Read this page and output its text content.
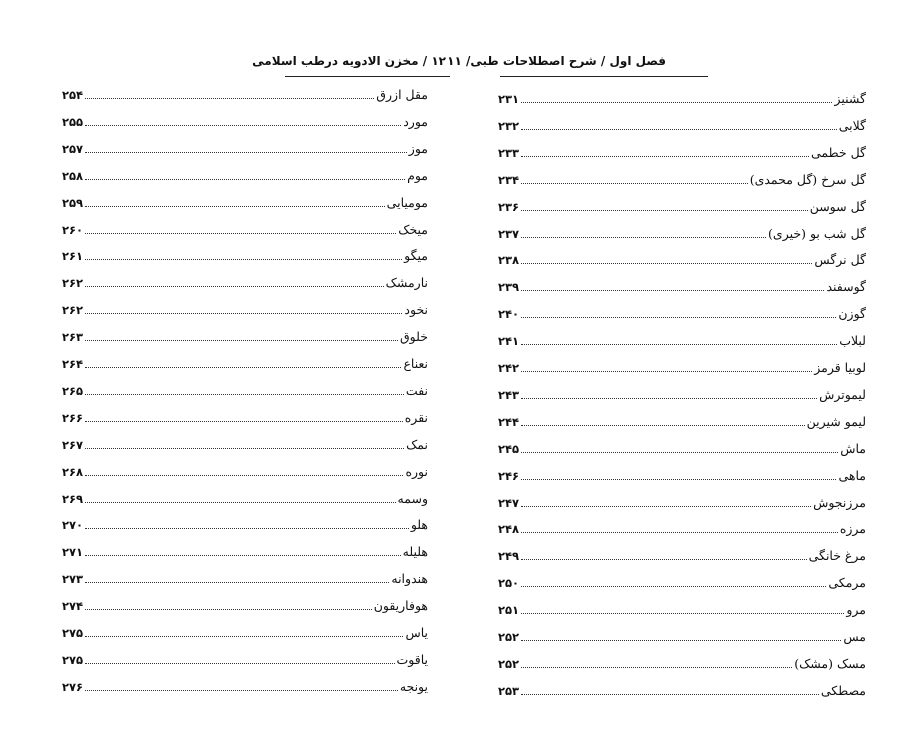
۱۲ / مخزن الادویه درطب اسلامی
مقل ازرق
۲۵۴
مورد
۲۵۵
موز
۲۵۷
موم
۲۵۸
مومیایی
۲۵۹
میخک
۲۶۰
میگو
۲۶۱
نارمشک
۲۶۲
نخود
۲۶۲
خلوق
۲۶۳
نعناع
۲۶۴
نفت
۲۶۵
نقره
۲۶۶
نمک
۲۶۷
نوره
۲۶۸
وسمه
۲۶۹
هلو
۲۷۰
هلیله
۲۷۱
هندوانه
۲۷۳
هوفاریقون
۲۷۴
یاس
۲۷۵
یاقوت
۲۷۵
یونجه
۲۷۶
فصل اول / شرح اصطلاحات طبی/ ۱۱
گشنیز
۲۳۱
گلابی
۲۳۲
گل خطمی
۲۳۳
گل سرخ (گل محمدی)
۲۳۴
گل سوسن
۲۳۶
گل شب بو (خیری)
۲۳۷
گل نرگس
۲۳۸
گوسفند
۲۳۹
گوزن
۲۴۰
لبلاب
۲۴۱
لوبیا قرمز
۲۴۲
لیموترش
۲۴۳
لیمو شیرین
۲۴۴
ماش
۲۴۵
ماهی
۲۴۶
مرزنجوش
۲۴۷
مرزه
۲۴۸
مرغ خانگی
۲۴۹
مرمکی
۲۵۰
مرو
۲۵۱
مس
۲۵۲
مسک (مشک)
۲۵۲
مصطکی
۲۵۳
